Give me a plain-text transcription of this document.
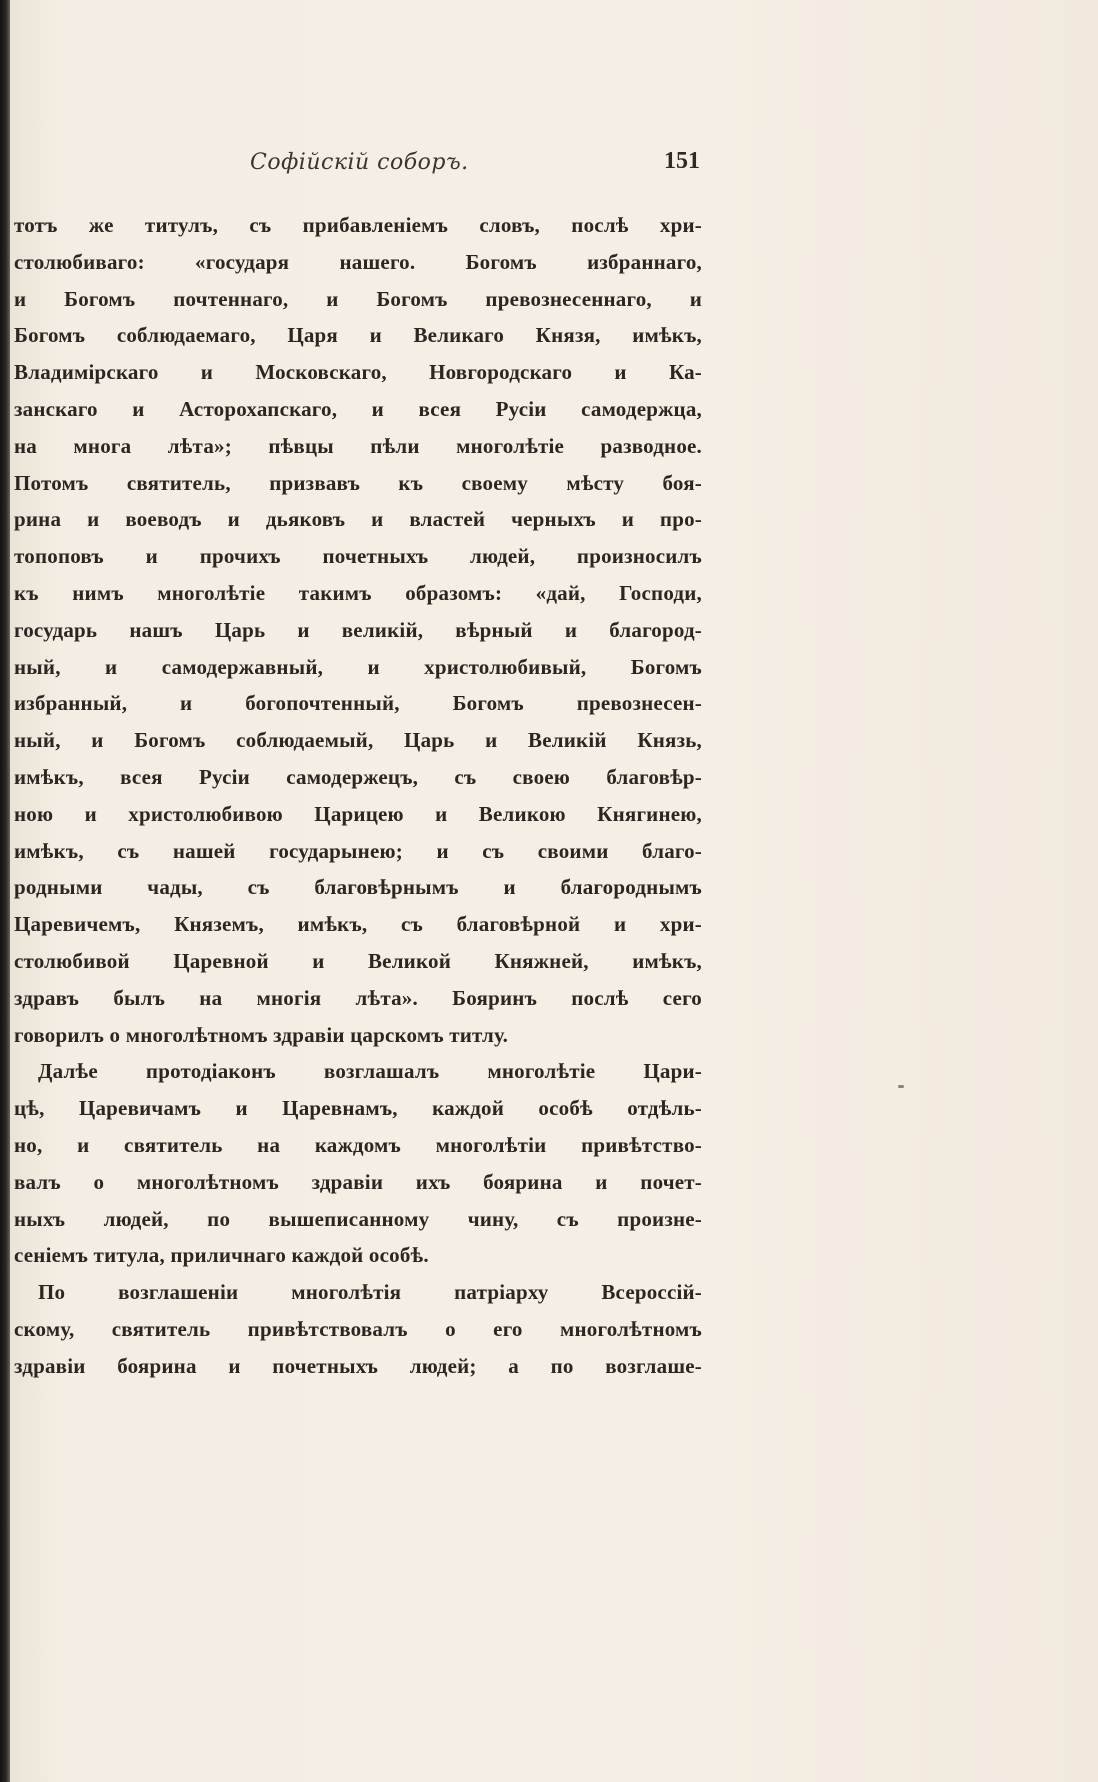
Софійскій соборъ.	151
тотъ же титулъ, съ прибавленіемъ словъ, послѣ хри-
столюбиваго: «государя нашего. Богомъ избраннаго,
и Богомъ почтеннаго, и Богомъ превознесеннаго, и
Богомъ соблюдаемаго, Царя и Великаго Князя, имѣкъ,
Владимірскаго и Московскаго, Новгородскаго и Ка-
занскаго и Асторохапскаго, и всея Русіи самодержца,
на многа лѣта»; пѣвцы пѣли многолѣтіе разводное.
Потомъ святитель, призвавъ къ своему мѣсту боя-
рина и воеводъ и дьяковъ и властей черныхъ и про-
топоповъ и прочихъ почетныхъ людей, произносилъ
къ нимъ многолѣтіе такимъ образомъ: «дай, Господи,
государь нашъ Царь и великій, вѣрный и благород-
ный, и самодержавный, и христолюбивый, Богомъ
избранный, и богопочтенный, Богомъ превознесен-
ный, и Богомъ соблюдаемый, Царь и Великій Князь,
имѣкъ, всея Русіи самодержецъ, съ своею благовѣр-
ною и христолюбивою Царицею и Великою Княгинею,
имѣкъ, съ нашей государынею; и съ своими благо-
родными чады, съ благовѣрнымъ и благороднымъ
Царевичемъ, Княземъ, имѣкъ, съ благовѣрной и хри-
столюбивой Царевной и Великой Княжней, имѣкъ,
здравъ былъ на многія лѣта». Бояринъ послѣ сего
говорилъ о многолѣтномъ здравіи царскомъ титлу.
Далѣе протодіаконъ возглашалъ многолѣтіе Цари-
цѣ, Царевичамъ и Царевнамъ, каждой особѣ отдѣль-
но, и святитель на каждомъ многолѣтіи привѣтство-
валъ о многолѣтномъ здравіи ихъ боярина и почет-
ныхъ людей, по вышеписанному чину, съ произне-
сеніемъ титула, приличнаго каждой особѣ.
По возглашеніи многолѣтія патріарху Всероссій-
скому, святитель привѣтствовалъ о его многолѣтномъ
здравіи боярина и почетныхъ людей; а по возглаше-
